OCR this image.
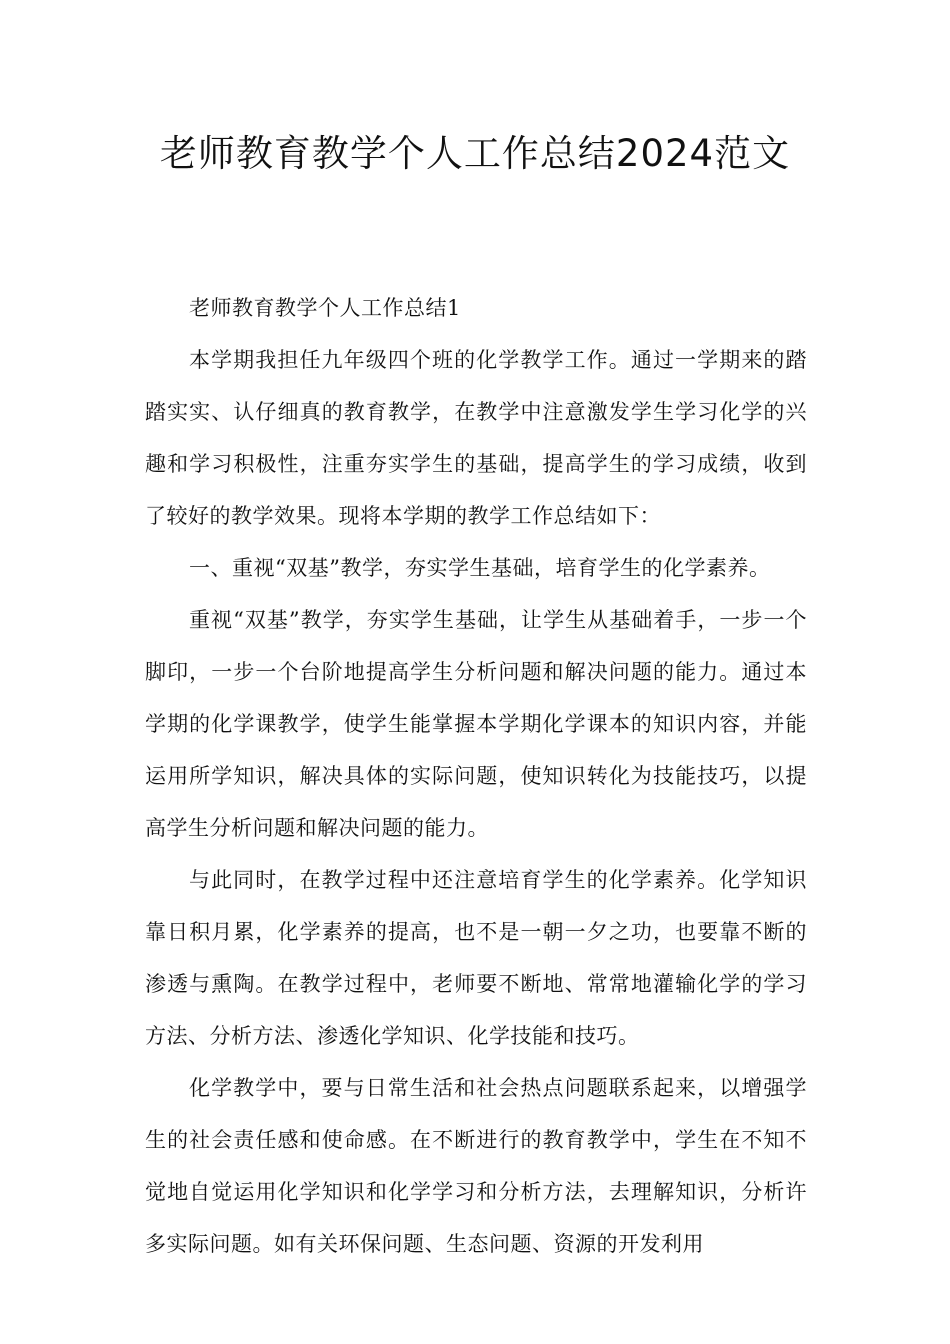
老师教育教学个人工作总结2024范文

老师教育教学个人工作总结1

本学期我担任九年级四个班的化学教学工作。通过一学期来的踏踏实实、认仔细真的教育教学，在教学中注意激发学生学习化学的兴趣和学习积极性，注重夯实学生的基础，提高学生的学习成绩，收到了较好的教学效果。现将本学期的教学工作总结如下：

一、重视“双基”教学，夯实学生基础，培育学生的化学素养。

重视“双基”教学，夯实学生基础，让学生从基础着手，一步一个脚印，一步一个台阶地提高学生分析问题和解决问题的能力。通过本学期的化学课教学，使学生能掌握本学期化学课本的知识内容，并能运用所学知识，解决具体的实际问题，使知识转化为技能技巧，以提高学生分析问题和解决问题的能力。

与此同时，在教学过程中还注意培育学生的化学素养。化学知识靠日积月累，化学素养的提高，也不是一朝一夕之功，也要靠不断的渗透与熏陶。在教学过程中，老师要不断地、常常地灌输化学的学习方法、分析方法、渗透化学知识、化学技能和技巧。

化学教学中，要与日常生活和社会热点问题联系起来，以增强学生的社会责任感和使命感。在不断进行的教育教学中，学生在不知不觉地自觉运用化学知识和化学学习和分析方法，去理解知识，分析许多实际问题。如有关环保问题、生态问题、资源的开发利用
